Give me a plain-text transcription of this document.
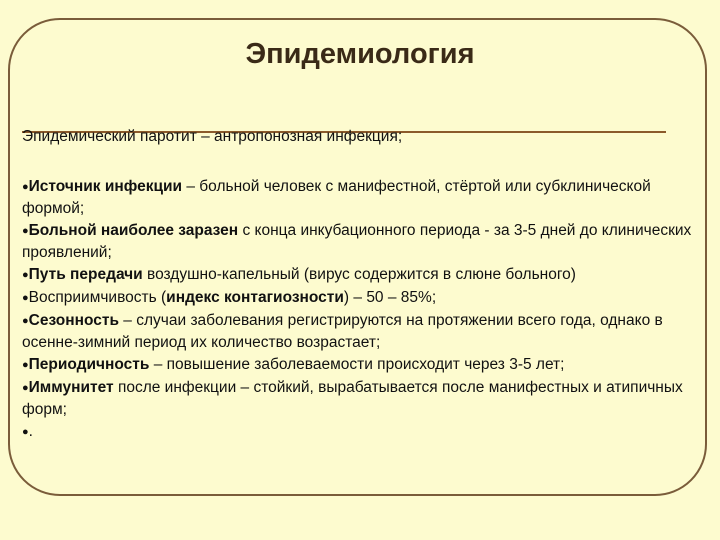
Эпидемиология

Эпидемический паротит – антропонозная инфекция;

●Источник инфекции – больной человек с манифестной, стёртой или субклинической формой;
●Больной наиболее заразен с конца инкубационного периода - за 3-5 дней до клинических проявлений;
●Путь передачи воздушно-капельный (вирус содержится в слюне больного)
●Восприимчивость (индекс контагиозности) – 50 – 85%;
●Сезонность – случаи заболевания регистрируются на протяжении всего года, однако в осенне-зимний период их количество возрастает;
●Периодичность – повышение заболеваемости происходит через 3-5 лет;
●Иммунитет после инфекции – стойкий, вырабатывается после манифестных и атипичных форм;
●.
